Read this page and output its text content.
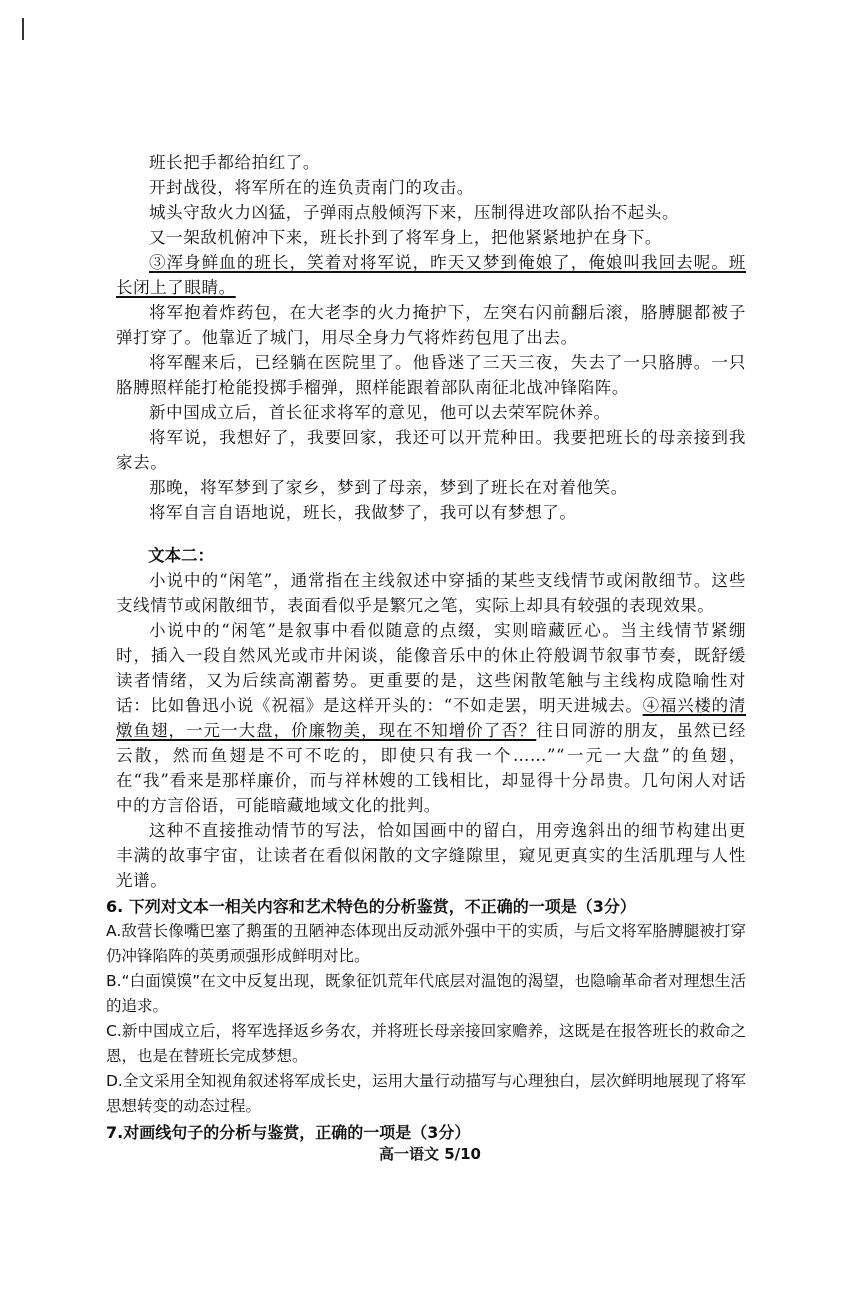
班长把手都给拍红了。

开封战役，将军所在的连负责南门的攻击。

城头守敌火力凶猛，子弹雨点般倾泻下来，压制得进攻部队抬不起头。

又一架敌机俯冲下来，班长扑到了将军身上，把他紧紧地护在身下。

③浑身鲜血的班长，笑着对将军说，昨天又梦到俺娘了，俺娘叫我回去呢。班长闭上了眼睛。

将军抱着炸药包，在大老李的火力掩护下，左突右闪前翻后滚，胳膊腿都被子弹打穿了。他靠近了城门，用尽全身力气将炸药包甩了出去。

将军醒来后，已经躺在医院里了。他昏迷了三天三夜，失去了一只胳膊。一只胳膊照样能打枪能投掷手榴弹，照样能跟着部队南征北战冲锋陷阵。

新中国成立后，首长征求将军的意见，他可以去荣军院休养。

将军说，我想好了，我要回家，我还可以开荒种田。我要把班长的母亲接到我家去。

那晚，将军梦到了家乡，梦到了母亲，梦到了班长在对着他笑。

将军自言自语地说，班长，我做梦了，我可以有梦想了。

文本二：

小说中的“闲笔”，通常指在主线叙述中穿插的某些支线情节或闲散细节。这些支线情节或闲散细节，表面看似乎是繁冗之笔，实际上却具有较强的表现效果。

小说中的“闲笔”是叙事中看似随意的点缀，实则暗藏匠心。当主线情节紧绷时，插入一段自然风光或市井闲谈，能像音乐中的休止符般调节叙事节奏，既舒缓读者情绪，又为后续高潮蓄势。更重要的是，这些闲散笔触与主线构成隐喻性对话：比如鲁迅小说《祝福》是这样开头的：“不如走罢，明天进城去。④福兴楼的清燉鱼翅，一元一大盘，价廉物美，现在不知增价了否？往日同游的朋友，虽然已经云散，然而鱼翅是不可不吃的，即使只有我一个……”“一元一大盘”的鱼翅，在“我”看来是那样廉价，而与祥林嫂的工钱相比，却显得十分昂贵。几句闲人对话中的方言俗语，可能暗藏地域文化的批判。

这种不直接推动情节的写法，恰如国画中的留白，用旁逸斜出的细节构建出更丰满的故事宇宙，让读者在看似闲散的文字缝隙里，窥见更真实的生活肌理与人性光谱。

6. 下列对文本一相关内容和艺术特色的分析鉴赏，不正确的一项是（3分）

A.敌营长像嘴巴塞了鹅蛋的丑陋神态体现出反动派外强中干的实质，与后文将军胳膊腿被打穿仍冲锋陷阵的英勇顽强形成鲜明对比。

B.“白面馍馍”在文中反复出现，既象征饥荒年代底层对温饱的渴望，也隐喻革命者对理想生活的追求。

C.新中国成立后，将军选择返乡务农，并将班长母亲接回家赡养，这既是在报答班长的救命之恩，也是在替班长完成梦想。

D.全文采用全知视角叙述将军成长史，运用大量行动描写与心理独白，层次鲜明地展现了将军思想转变的动态过程。

7.对画线句子的分析与鉴赏，正确的一项是（3分）

高一语文 5/10
